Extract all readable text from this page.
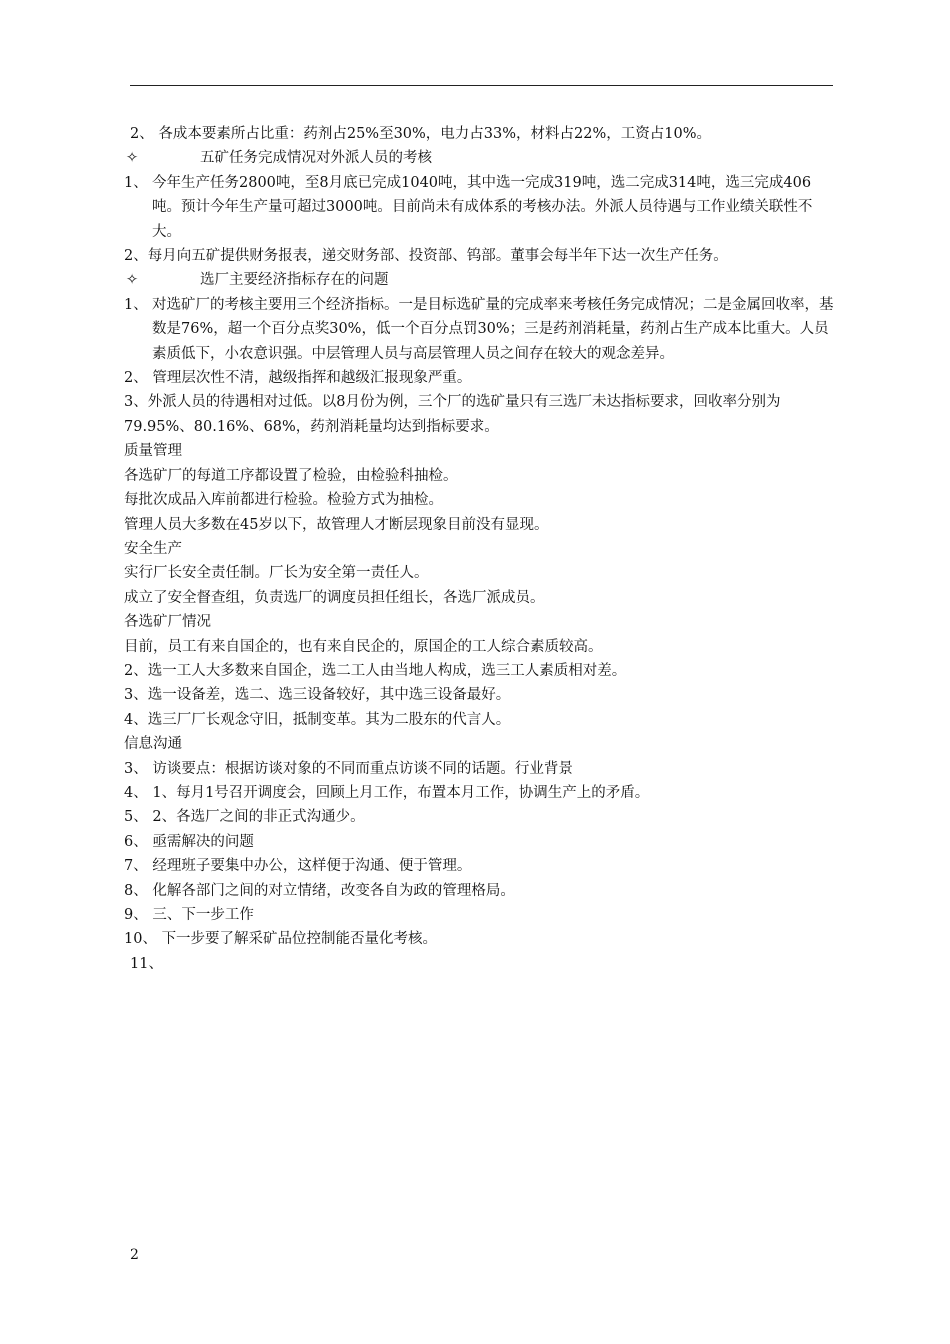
2、 各成本要素所占比重：药剂占25%至30%，电力占33%，材料占22%，工资占10%。

✧	五矿任务完成情况对外派人员的考核

1、 今年生产任务2800吨，至8月底已完成1040吨，其中选一完成319吨，选二完成314吨，选三完成406吨。预计今年生产量可超过3000吨。目前尚未有成体系的考核办法。外派人员待遇与工作业绩关联性不大。

2、每月向五矿提供财务报表，递交财务部、投资部、钨部。董事会每半年下达一次生产任务。

✧	选厂主要经济指标存在的问题

1、 对选矿厂的考核主要用三个经济指标。一是目标选矿量的完成率来考核任务完成情况；二是金属回收率，基数是76%，超一个百分点奖30%，低一个百分点罚30%；三是药剂消耗量，药剂占生产成本比重大。人员素质低下，小农意识强。中层管理人员与高层管理人员之间存在较大的观念差异。

2、 管理层次性不清，越级指挥和越级汇报现象严重。

3、外派人员的待遇相对过低。以8月份为例，三个厂的选矿量只有三选厂未达指标要求，回收率分别为79.95%、80.16%、68%，药剂消耗量均达到指标要求。

质量管理

各选矿厂的每道工序都设置了检验，由检验科抽检。

每批次成品入库前都进行检验。检验方式为抽检。

管理人员大多数在45岁以下，故管理人才断层现象目前没有显现。

安全生产

实行厂长安全责任制。厂长为安全第一责任人。

成立了安全督查组，负责选厂的调度员担任组长，各选厂派成员。

各选矿厂情况

目前，员工有来自国企的，也有来自民企的，原国企的工人综合素质较高。

2、选一工人大多数来自国企，选二工人由当地人构成，选三工人素质相对差。

3、选一设备差，选二、选三设备较好，其中选三设备最好。

4、选三厂厂长观念守旧，抵制变革。其为二股东的代言人。

信息沟通

3、 访谈要点：根据访谈对象的不同而重点访谈不同的话题。行业背景

4、 1、每月1号召开调度会，回顾上月工作，布置本月工作，协调生产上的矛盾。

5、 2、各选厂之间的非正式沟通少。

6、 亟需解决的问题

7、 经理班子要集中办公，这样便于沟通、便于管理。

8、 化解各部门之间的对立情绪，改变各自为政的管理格局。

9、 三、下一步工作

10、 下一步要了解采矿品位控制能否量化考核。

11、

2
